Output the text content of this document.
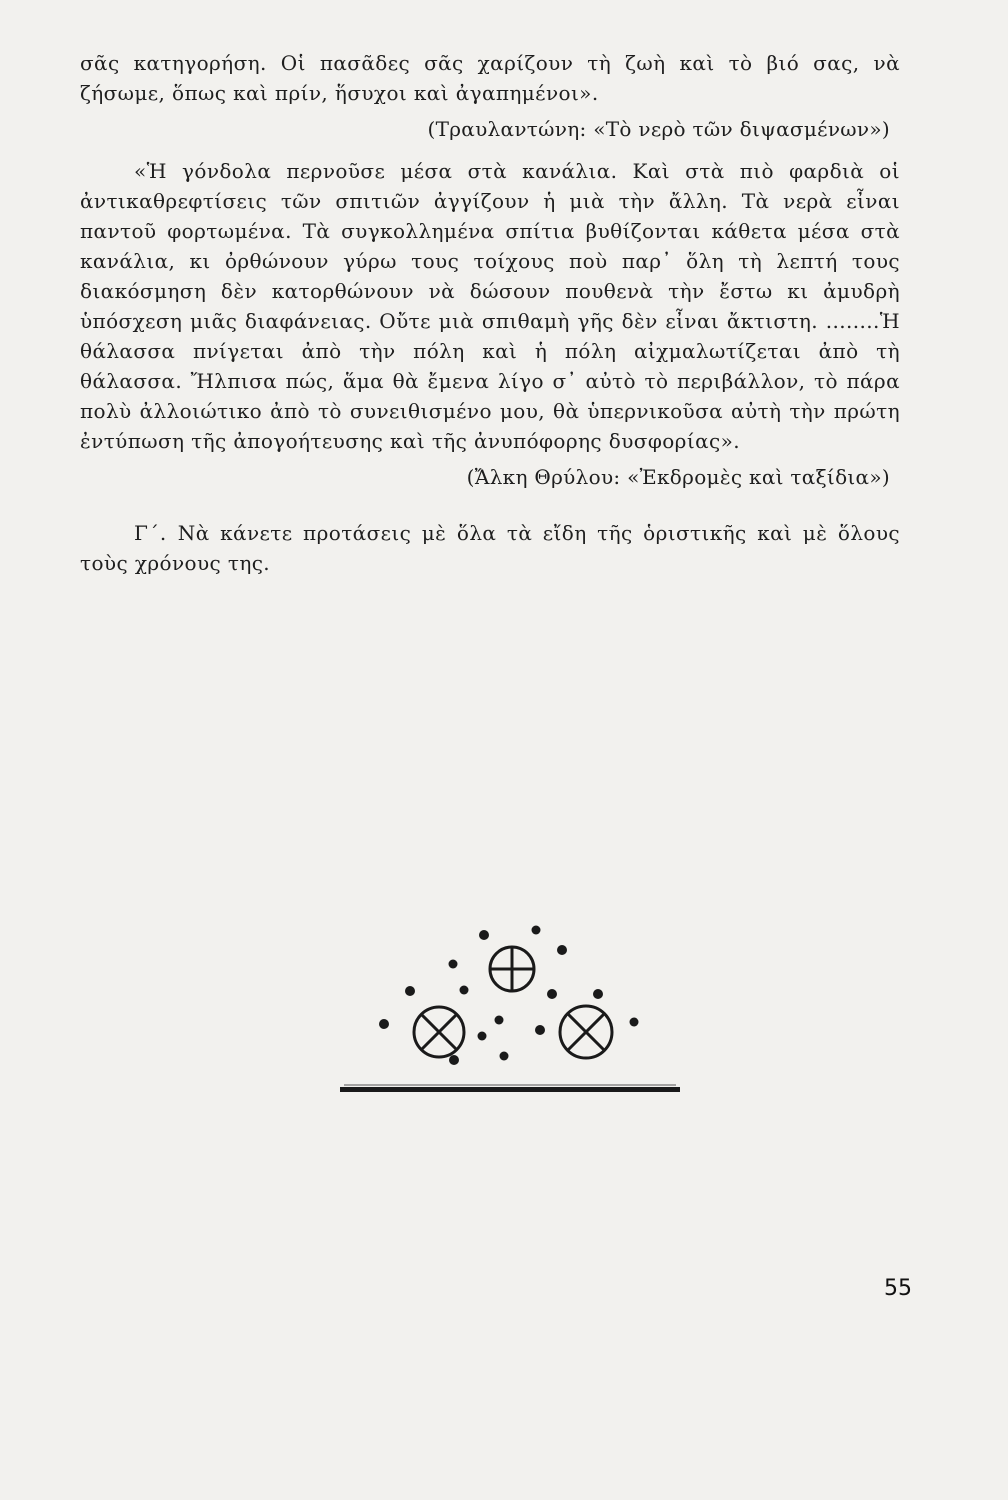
σᾶς κατηγορήση. Οἱ πασᾶδες σᾶς χαρίζουν τὴ ζωὴ καὶ τὸ βιό σας, νὰ ζήσωμε, ὅπως καὶ πρίν, ἥσυχοι καὶ ἀγαπημένοι».

(Τραυλαντώνη: «Τὸ νερὸ τῶν διψασμένων»)

«Ἡ γόνδολα περνοῦσε μέσα στὰ κανάλια. Καὶ στὰ πιὸ φαρδιὰ οἱ ἀντικαθρεφτίσεις τῶν σπιτιῶν ἀγγίζουν ἡ μιὰ τὴν ἄλλη. Τὰ νερὰ εἶναι παντοῦ φορτωμένα. Τὰ συγκολλημένα σπίτια βυθίζονται κάθετα μέσα στὰ κανάλια, κι ὀρθώνουν γύρω τους τοίχους ποὺ παρ᾽ ὅλη τὴ λεπτή τους διακόσμηση δὲν κατορθώνουν νὰ δώσουν πουθενὰ τὴν ἔστω κι ἀμυδρὴ ὑπόσχεση μιᾶς διαφάνειας. Οὔτε μιὰ σπιθαμὴ γῆς δὲν εἶναι ἄκτιστη. ........Ἡ θάλασσα πνίγεται ἀπὸ τὴν πόλη καὶ ἡ πόλη αἰχμαλωτίζεται ἀπὸ τὴ θάλασσα. Ἤλπισα πώς, ἅμα θὰ ἔμενα λίγο σ᾽ αὐτὸ τὸ περιβάλλον, τὸ πάρα πολὺ ἀλλοιώτικο ἀπὸ τὸ συνειθισμένο μου, θὰ ὑπερνικοῦσα αὐτὴ τὴν πρώτη ἐντύπωση τῆς ἀπογοήτευσης καὶ τῆς ἀνυπόφορης δυσφορίας».

(Ἄλκη Θρύλου: «Ἐκδρομὲς καὶ ταξίδια»)

Γ΄. Νὰ κάνετε προτάσεις μὲ ὅλα τὰ εἴδη τῆς ὁριστικῆς καὶ μὲ ὅλους τοὺς χρόνους της.

55
